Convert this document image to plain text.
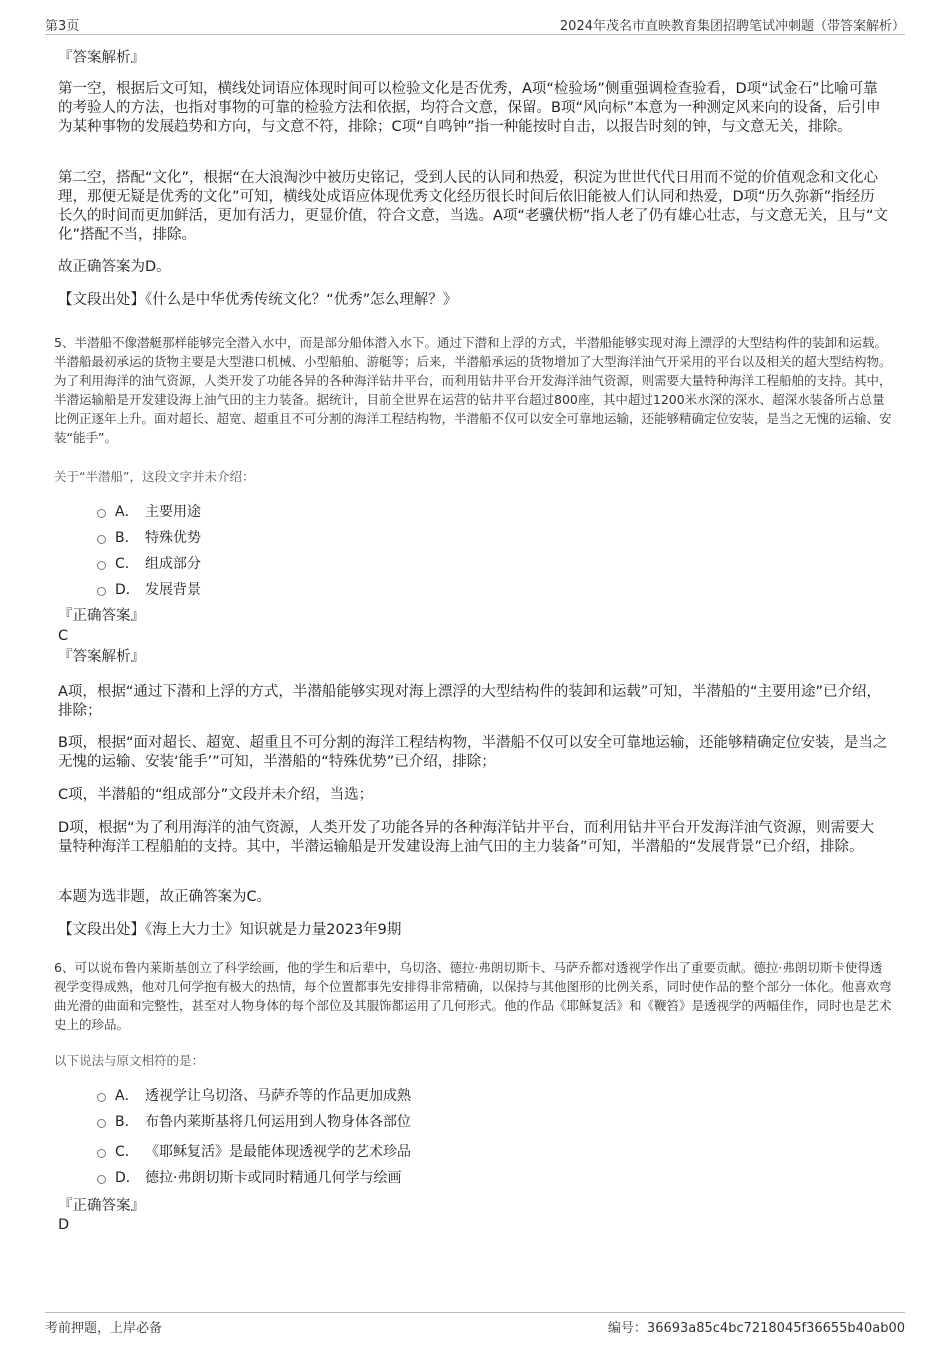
第3页	2024年茂名市直映教育集团招聘笔试冲刺题（带答案解析）

『答案解析』

第一空，根据后文可知，横线处词语应体现时间可以检验文化是否优秀，A项“检验场”侧重强调检查验看，D项“试金石”比喻可靠的考验人的方法，也指对事物的可靠的检验方法和依据，均符合文意，保留。B项“风向标”本意为一种测定风来向的设备，后引申为某种事物的发展趋势和方向，与文意不符，排除；C项“自鸣钟”指一种能按时自击，以报告时刻的钟，与文意无关，排除。

第二空，搭配“文化”，根据“在大浪淘沙中被历史铭记，受到人民的认同和热爱，积淀为世世代代日用而不觉的价值观念和文化心理，那便无疑是优秀的文化”可知，横线处成语应体现优秀文化经历很长时间后依旧能被人们认同和热爱，D项“历久弥新”指经历长久的时间而更加鲜活，更加有活力，更显价值，符合文意，当选。A项“老骥伏枥”指人老了仍有雄心壮志，与文意无关，且与“文化”搭配不当，排除。

故正确答案为D。

【文段出处】《什么是中华优秀传统文化？“优秀”怎么理解？》

5、半潜船不像潜艇那样能够完全潜入水中，而是部分船体潜入水下。通过下潜和上浮的方式，半潜船能够实现对海上漂浮的大型结构件的装卸和运载。半潜船最初承运的货物主要是大型港口机械、小型船舶、游艇等；后来，半潜船承运的货物增加了大型海洋油气开采用的平台以及相关的超大型结构物。为了利用海洋的油气资源，人类开发了功能各异的各种海洋钻井平台，而利用钻井平台开发海洋油气资源，则需要大量特种海洋工程船舶的支持。其中，半潜运输船是开发建设海上油气田的主力装备。据统计，目前全世界在运营的钻井平台超过800座，其中超过1200米水深的深水、超深水装备所占总量比例正逐年上升。面对超长、超宽、超重且不可分割的海洋工程结构物，半潜船不仅可以安全可靠地运输，还能够精确定位安装，是当之无愧的运输、安装“能手”。

关于“半潜船”，这段文字并未介绍：

A． 主要用途
B． 特殊优势
C． 组成部分
D． 发展背景

『正确答案』

C

『答案解析』

A项，根据“通过下潜和上浮的方式，半潜船能够实现对海上漂浮的大型结构件的装卸和运载”可知，半潜船的“主要用途”已介绍，排除；

B项，根据“面对超长、超宽、超重且不可分割的海洋工程结构物，半潜船不仅可以安全可靠地运输，还能够精确定位安装，是当之无愧的运输、安装‘能手’”可知，半潜船的“特殊优势”已介绍，排除；

C项，半潜船的“组成部分”文段并未介绍，当选；

D项，根据“为了利用海洋的油气资源，人类开发了功能各异的各种海洋钻井平台，而利用钻井平台开发海洋油气资源，则需要大量特种海洋工程船舶的支持。其中，半潜运输船是开发建设海上油气田的主力装备”可知，半潜船的“发展背景”已介绍，排除。

本题为选非题，故正确答案为C。

【文段出处】《海上大力士》知识就是力量2023年9期

6、可以说布鲁内莱斯基创立了科学绘画，他的学生和后辈中，乌切洛、德拉·弗朗切斯卡、马萨乔都对透视学作出了重要贡献。德拉·弗朗切斯卡使得透视学变得成熟，他对几何学抱有极大的热情，每个位置都事先安排得非常精确，以保持与其他图形的比例关系，同时使作品的整个部分一体化。他喜欢弯曲光滑的曲面和完整性，甚至对人物身体的每个部位及其服饰都运用了几何形式。他的作品《耶稣复活》和《鞭笞》是透视学的两幅佳作，同时也是艺术史上的珍品。

以下说法与原文相符的是：

A． 透视学让乌切洛、马萨乔等的作品更加成熟
B． 布鲁内莱斯基将几何运用到人物身体各部位
C． 《耶稣复活》是最能体现透视学的艺术珍品
D． 德拉·弗朗切斯卡或同时精通几何学与绘画

『正确答案』

D

考前押题，上岸必备	编号：36693a85c4bc7218045f36655b40ab00
